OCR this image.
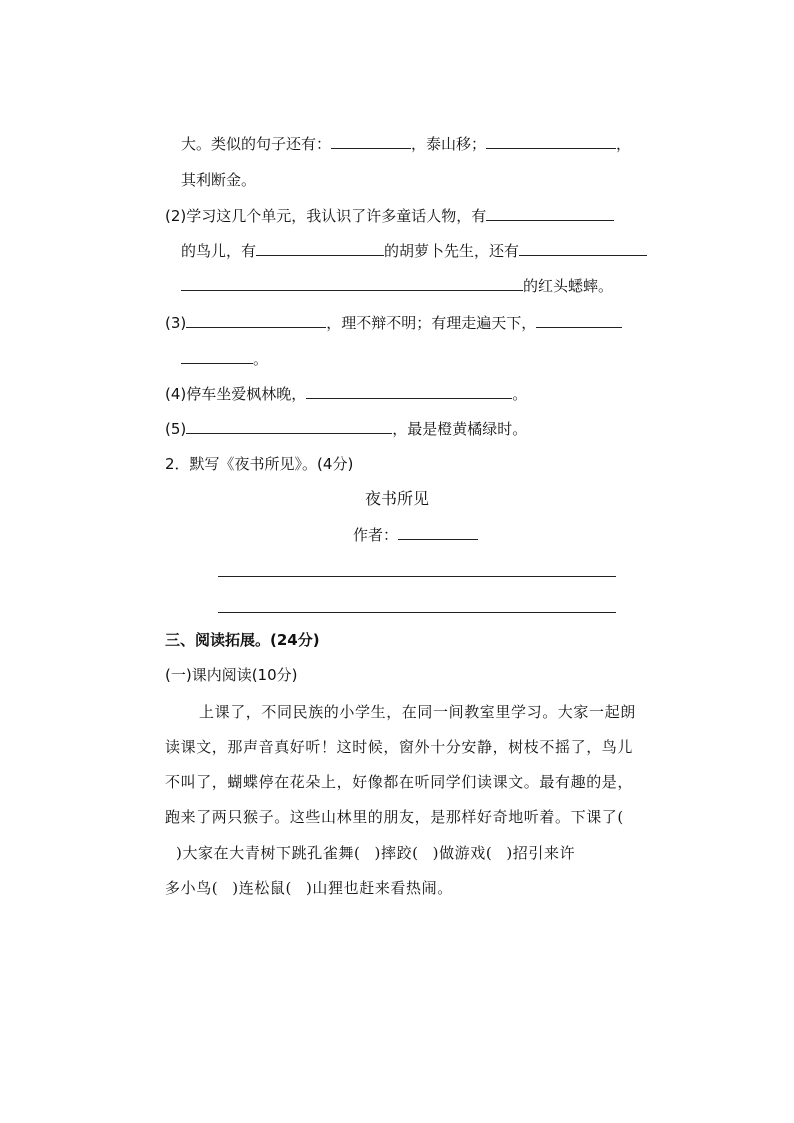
大。类似的句子还有：	，泰山移；	，
其利断金。
(2)学习这几个单元，我认识了许多童话人物，有
的鸟儿，有	的胡萝卜先生，还有
的红头蟋蟀。
(3)	，理不辩不明；有理走遍天下，
。
(4)停车坐爱枫林晚，	。
(5)	，最是橙黄橘绿时。
2．默写《夜书所见》。(4分)
夜书所见
作者：
三、阅读拓展。(24分)
(一)课内阅读(10分)
上课了，不同民族的小学生，在同一间教室里学习。大家一起朗
读课文，那声音真好听！这时候，窗外十分安静，树枝不摇了，鸟儿
不叫了，蝴蝶停在花朵上，好像都在听同学们读课文。最有趣的是，
跑来了两只猴子。这些山林里的朋友，是那样好奇地听着。下课了(
)大家在大青树下跳孔雀舞( )摔跤( )做游戏( )招引来许
多小鸟( )连松鼠( )山狸也赶来看热闹。
